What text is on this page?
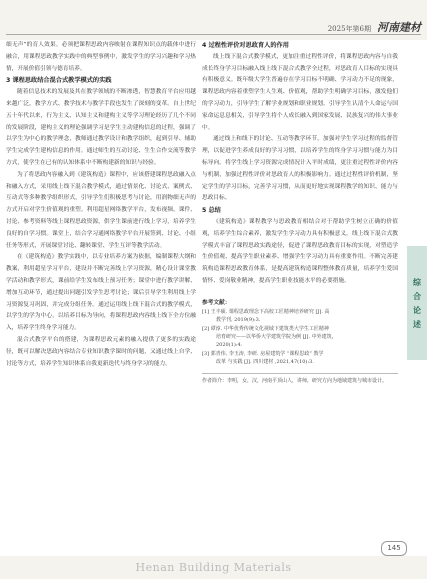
2025年第6期 河南建材
综
合
论
述

细无声”的育人效果。必须把课程思政内容映射在课程知识点的载体中进行融合，用课程思政教学实践中的典型事例中，激发学生的学习兴趣和学习热情，开展价值引领与德育培养。

3 课程思政结合混合式教学模式的实践

随着信息技术的发展及其在教学领域的不断渗透，智慧教育平台应用越来越广泛，教学方式、教学技术与教学手段也发生了深刻的变革。自上世纪五十年代以来，行为主义、认知主义和建构主义等学习理论经历了几个不同的发展阶段，建构主义的理论强调学习是学生主动建构信息的过程，强调了以学生为中心的教学理念，教师通过教学设计和教学组织，起到引导、辅助学生完成学生建构信息的作用。通过师生的互动讨论、生生合作交流等教学方式，使学生在已有的认知体系中不断构建新的知识与经验。

为了将思政内容融入到《建筑构造》课程中，应该搭建课程思政融入点和融入方式，采用线上线下混合教学模式，通过情景化、讨论式、案例式、互动式等多种教学组织形式，引导学生们积极思考与讨论，用润物细无声的方式开启对学生价值观的重塑。利用超星网络教学平台，发布视频、课件、讨论、参考资料等线上课程思政资源，供学生课前进行线上学习，培养学生良好的自学习惯。课堂上，结合学习通网络教学平台开展签到、讨论、小组任务等形式，开展课堂讨论、翻转课堂、学生互评等教学活动。

在《建筑构造》教学实践中，以专业培养方案为依据，编制课程大纲和教案，利用超星学习平台，建设并不断完善线上学习资源，精心设计课堂教学活动和教学形式，课前给学生发布线上预习任务；课堂中进行教学讲解、增加互动环节，通过提出问题引发学生思考讨论；课后引导学生利用线上学习资源复习巩固，并完成分组任务。通过运用线上线下混合式的教学模式，以学生的学为中心，以培养目标为导向，将课程思政内容线上线下全方位融入，培养学生终身学习能力。

混合式教学平台的搭建，为课程思政元素的融入提供了更多的实践途径，既可以解决思政内容结合专业知识教学课时的问题，又通过线上自学、讨论等方式，培养学生知识体系自我更新迭代与终身学习的能力。

4 过程性评价对思政育人的作用

线上线下混合式教学模式，更加注重过程性评价，将课程思政内容与自我成长终身学习目标融入线上线下混合式教学全过程，对思政育人目标的实现具有积极意义。既年级大学生普遍存在学习目标不明确、学习动力不足的现象，课程思政内容着重塑学生人生观、价值观，帮助学生明确学习目标，激发他们的学习动力，引导学生了解学业规划和职业规划。引导学生认清个人命运与国家命运息息相关，引导学生将个人成长融入到国家发展、民族复兴的伟大事业中。

通过线上和线下的讨论、互动等教学环节，加强对学生学习过程的监督管理，以促进学生养成良好的学习习惯，以培养学生的终身学习习惯与能力为目标导向。将学生线上学习资源完成情况计入平时成绩，更注重过程性评价内容与机制，加强过程性评价对思政育人的积极影响力。通过过程性评价机制，坚定学生的学习目标，完善学习习惯，从而更好地实现课程教学的知识、能力与思政目标。

5 总结

《建筑构造》课程教学与思政教育相结合对于帮助学生树立正确的价值观，培养学生综合素养，激发学生学习动力具有积极意义。线上线下混合式教学模式丰富了课程思政实践途径，促进了课程思政教育目标的实现，对塑造学生价值观、提高学生职业素养、增强学生学习动力具有重要作用。不断完善建筑构造课程思政教育体系，是提高建筑构造课程整体教育质量，培养学生爱国情怀、爱岗敬业精神，提高学生职业技能水平的必要措施。

参考文献：

[1] 王丰硕. 课程思政理念下高校工匠精神培养研究 [J]. 高

教学刊, 2019(9):3.

[2] 谭淳. 中华优秀传统文化视域下建筑类大学生工匠精神

培育研究——以华侨大学建筑学院为例 [J]. 中外建筑，

2020(1):4.

[3] 郭青伟, 李玉涛, 李研. 房屋建筑学 “课程思政” 教学

改革 与实践 [J]. 四川建材 ,2021,47(10):3.

作者简介：李明，女，汉，河南平顶山人，讲师，研究方向为地域建筑与城市设计。
145
Henan Building Materials
